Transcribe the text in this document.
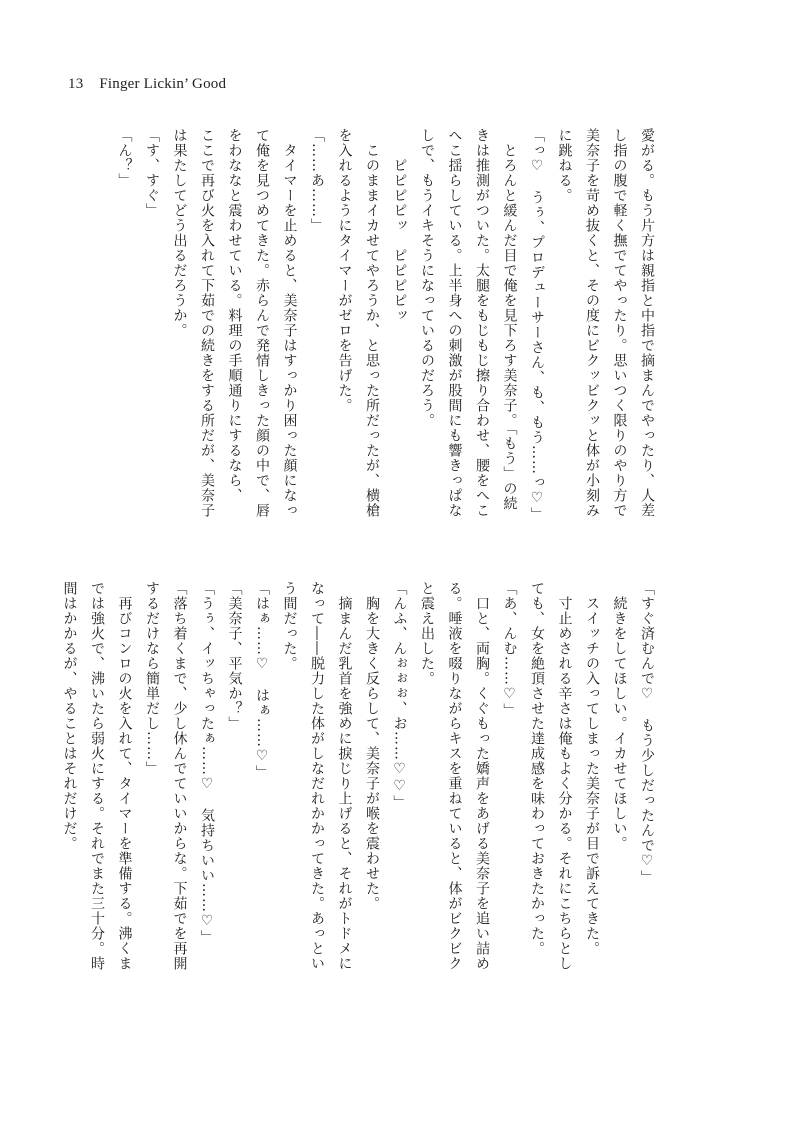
13 Finger Lickin’ Good
愛がる。もう片方は親指と中指で摘まんでやったり、人差
し指の腹で軽く撫でてやったり。思いつく限りのやり方で
美奈子を苛め抜くと、その度にビクッビクッと体が小刻み
に跳ねる。
「っ♡　うぅ、プロデューサーさん、も、もう……っ♡」
　とろんと緩んだ目で俺を見下ろす美奈子。「もう」の続
きは推測がついた。太腿をもじもじ擦り合わせ、腰をへこ
へこ揺らしている。上半身への刺激が股間にも響きっぱな
しで、もうイキそうになっているのだろう。
　　ピピピピッ　ピピピピッ
　このままイカせてやろうか、と思った所だったが、横槍
を入れるようにタイマーがゼロを告げた。
「……あ……」
　タイマーを止めると、美奈子はすっかり困った顔になっ
て俺を見つめてきた。赤らんで発情しきった顔の中で、唇
をわななと震わせている。料理の手順通りにするなら、
ここで再び火を入れて下茹での続きをする所だが、美奈子
は果たしてどう出るだろうか。
「す、すぐ」
「ん？」
「すぐ済むんで♡　もう少しだったんで♡」
　続きをしてほしい。イカせてほしい。
　スイッチの入ってしまった美奈子が目で訴えてきた。
　寸止めされる辛さは俺もよく分かる。それにこちらとし
ても、女を絶頂させた達成感を味わっておきたかった。
「あ、んむ……♡」
　口と、両胸。くぐもった嬌声をあげる美奈子を追い詰め
る。唾液を啜りながらキスを重ねていると、体がビクビク
と震え出した。
「んふ、んぉぉぉ、お……♡♡」
　胸を大きく反らして、美奈子が喉を震わせた。
　摘まんだ乳首を強めに捩じり上げると、それがトドメに
なって――脱力した体がしなだれかかってきた。あっとい
う間だった。
「はぁ……♡　はぁ……♡」
「美奈子、平気か？」
「うぅ、イッちゃったぁ……♡　気持ちいい……♡」
「落ち着くまで、少し休んでていいからな。下茹でを再開
するだけなら簡単だし……」
　再びコンロの火を入れて、タイマーを準備する。沸くま
では強火で、沸いたら弱火にする。それでまた三十分。時
間はかかるが、やることはそれだけだ。
